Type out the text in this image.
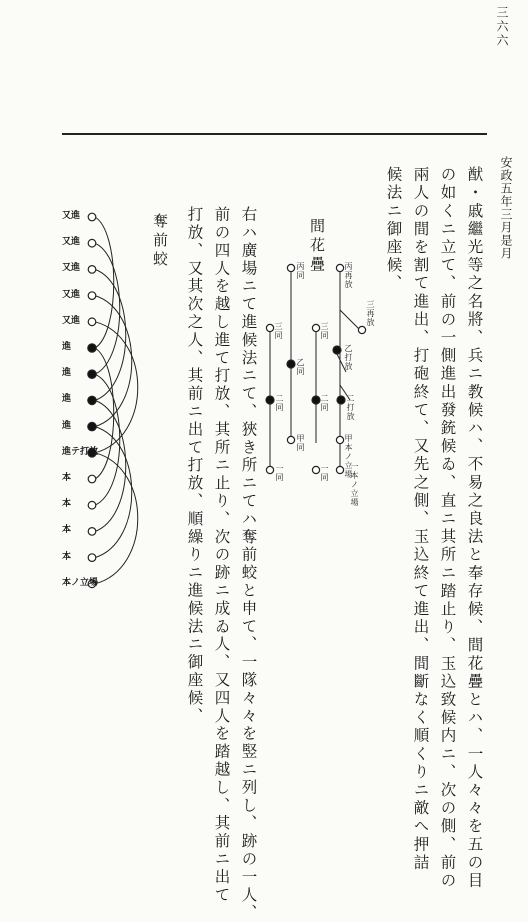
安政五年三月是月
三六六
猷・戚繼光等之名將、兵ニ教候ハ、不易之良法と奉存候、間花疊とハ、一人々々を五の目
の如くニ立て、前の一側進出發銃候ゐ、直ニ其所ニ踏止り、玉込致候内ニ、次の側、前の
兩人の間を割て進出、打砲終て、又先之側、玉込終て進出、間斷なく順くりニ敵へ押詰
候法ニ御座候、
間花疊
丙同	丙再放
三同	三同
三再放
乙同	乙打放
二同	二同 二打放
甲同	甲本ノ立場
一同	一同	一本ノ立場
右ハ廣場ニて進候法ニて、狹き所ニてハ奪前蛟と申て、一隊々々を竪ニ列し、跡の一人、
前の四人を越し進て打放、其所ニ止り、次の跡ニ成ゐ人、又四人を踏越し、其前ニ出て
打放、又其次之人、其前ニ出て打放、順繰りニ進候法ニ御座候、
奪前蛟
又進
又進
又進
又進
又進
進
進
進
進
進テ打放
本
本
本
本
本ノ立場
